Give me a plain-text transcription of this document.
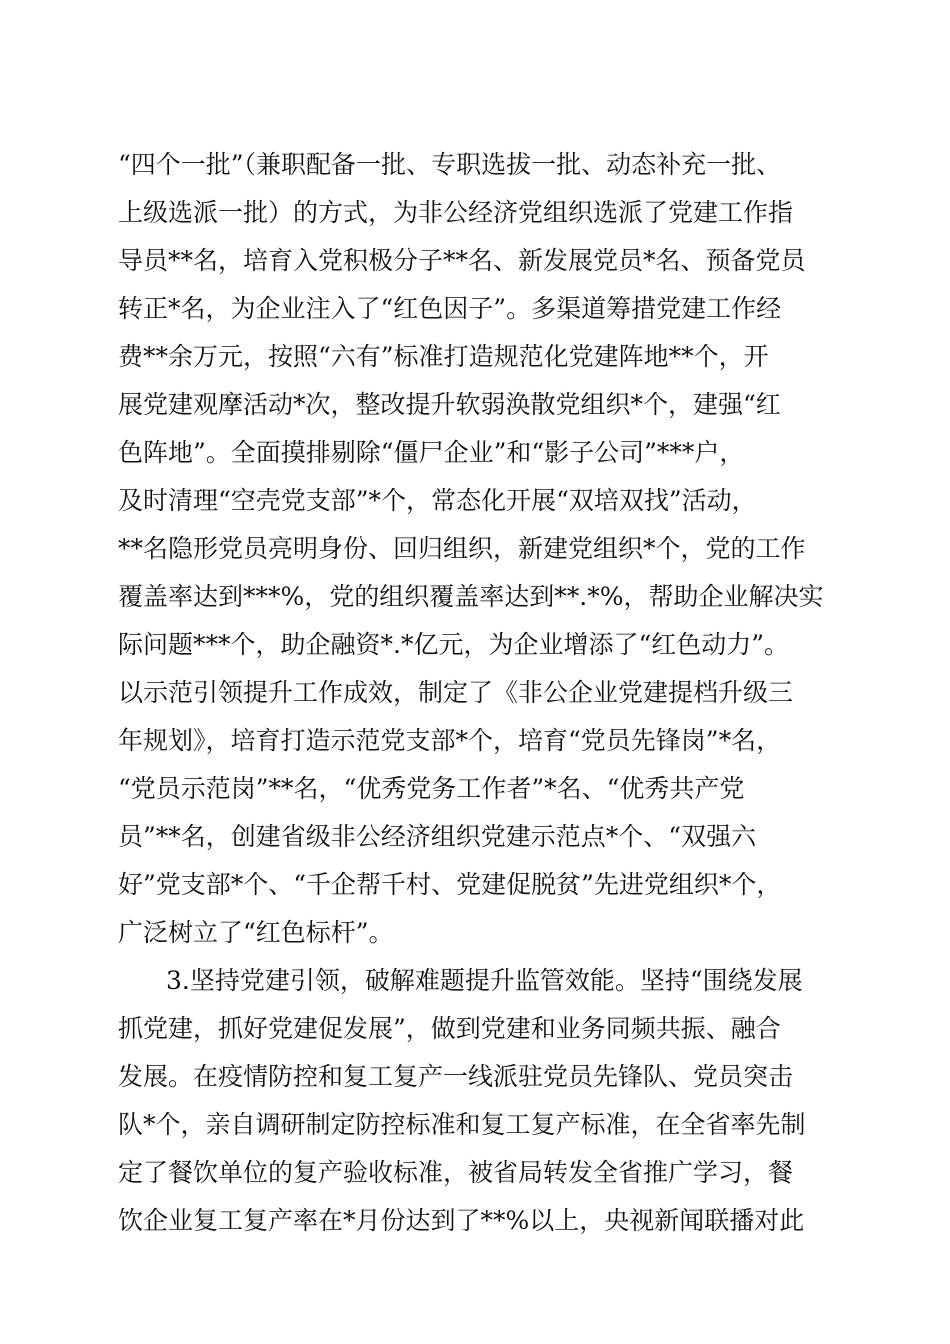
“四个一批”（兼职配备一批、专职选拔一批、动态补充一批、
上级选派一批）的方式，为非公经济党组织选派了党建工作指
导员**名，培育入党积极分子**名、新发展党员*名、预备党员
转正*名，为企业注入了“红色因子”。多渠道筹措党建工作经
费**余万元，按照“六有”标准打造规范化党建阵地**个，开
展党建观摩活动*次，整改提升软弱涣散党组织*个，建强“红
色阵地”。全面摸排剔除“僵尸企业”和“影子公司”***户，
及时清理“空壳党支部”*个，常态化开展“双培双找”活动，
**名隐形党员亮明身份、回归组织，新建党组织*个，党的工作
覆盖率达到***%，党的组织覆盖率达到**.*%，帮助企业解决实
际问题***个，助企融资*.*亿元，为企业增添了“红色动力”。
以示范引领提升工作成效，制定了《非公企业党建提档升级三
年规划》，培育打造示范党支部*个，培育“党员先锋岗”*名，
“党员示范岗”**名，“优秀党务工作者”*名、“优秀共产党
员”**名，创建省级非公经济组织党建示范点*个、“双强六
好”党支部*个、“千企帮千村、党建促脱贫”先进党组织*个，
广泛树立了“红色标杆”。
3.坚持党建引领，破解难题提升监管效能。坚持“围绕发展
抓党建，抓好党建促发展”，做到党建和业务同频共振、融合
发展。在疫情防控和复工复产一线派驻党员先锋队、党员突击
队*个，亲自调研制定防控标准和复工复产标准，在全省率先制
定了餐饮单位的复产验收标准，被省局转发全省推广学习，餐
饮企业复工复产率在*月份达到了**%以上，央视新闻联播对此
